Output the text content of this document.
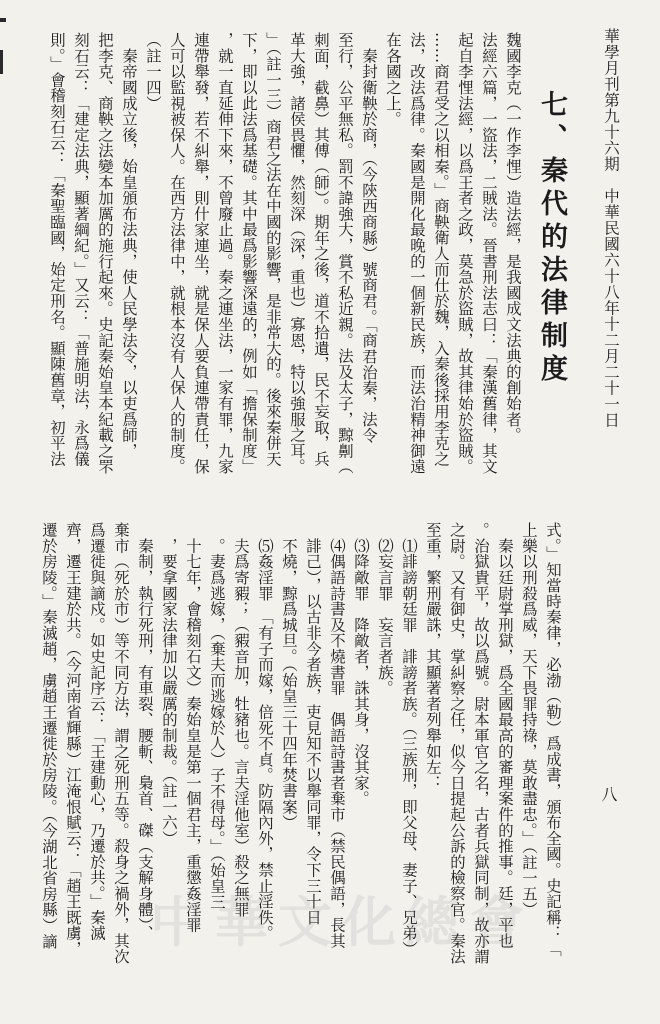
華學月刊第九十六期　中華民國六十八年十二月二十一日
七、秦代的法律制度
八
魏國李克（一作李悝）造法經，是我國成文法典的創始者。
法經六篇，一盜法，二賊法。晉書刑法志曰：「秦漢舊律，其文
起自李悝法經，以爲王者之政，莫急於盜賊，故其律始於盜賊。
……商君受之以相秦。」商鞅衛人而仕於魏，入秦後採用李克之
法，改法爲律。秦國是開化最晚的一個新民族，而法治精神御遠
在各國之上。
　秦封衛鞅於商，（今陝西商縣）號商君。「商君治秦，法令
至行，公平無私。罰不諱強大，賞不私近親。法及太子，黥劓（
刺面，截鼻）其傅（師）。期年之後，道不拾遺，民不妄取，兵
革大強，諸侯畏懼，然刻深（深，重也）寡恩，特以強服之耳。
」（註一三）商君之法在中國的影響，是非常大的。後來秦併天
下，即以此法爲基礎。其中最爲影響深遠的，例如「擔保制度」
，就一直延伸下來，不曾廢止過。秦之連坐法，一家有罪，九家
連帶舉發，若不糾舉，則什家連坐，就是保人要負連帶責任，保
人可以監視被保人。在西方法律中，就根本沒有人保人的制度。
（註一四）
　秦帝國成立後，始皇頒布法典，使人民學法令，以吏爲師，
把李克、商鞅之法變本加厲的施行起來。史記秦始皇本紀載之罘
刻石云：「建定法典，顯著綱紀。」又云：「普施明法，永爲儀
則。」會稽刻石云：「秦聖臨國，始定刑名。顯陳舊章，初平法
式。」知當時秦律，必渤（勒）爲成書，頒布全國。史記稱：「
上樂以刑殺爲威，天下畏罪持祿，莫敢盡忠。」（註一五）
　秦以廷尉掌刑獄，爲全國最高的審理案件的推事。廷，平也
。治獄貴平，故以爲號。尉本軍官之名，古者兵獄同制，故亦謂
之尉。又有御史，掌糾察之任，似今日提起公訴的檢察官。秦法
至重，繁刑嚴誅，其顯著者列舉如左：
　⑴誹謗朝廷罪　誹謗者族。（三族刑，即父母、妻子、兄弟）
　⑵妄言罪　妄言者族。
　⑶降敵罪　降敵者，誅其身，沒其家。
　⑷偶語詩書及不燒書罪　偶語詩書者棄市（禁民偶語，長其
　誹己），以古非今者族，吏見知不以舉同罪，令下三十日
　不燒，黥爲城旦。（始皇三十四年焚書案）
　⑸姦淫罪　「有子而嫁，倍死不貞。防隔內外，禁止淫佚。
　夫爲寄豭；（豭音加，牡豬也。言夫淫他室）殺之無罪
　。妻爲逃嫁，（棄夫而逃嫁於人）子不得母。」（始皇三
　十七年，會稽刻石文）秦始皇是第一個君主，重懲姦淫罪
　，要拿國家法律加以嚴厲的制裁。（註一六）
　秦制，執行死刑，有車裂、腰斬、梟首、磔（支解身體）、
棄市（死於市）等不同方法，謂之死刑五等。殺身之禍外，其次
爲遷徙與謫戍。如史記序云：「王建動心，乃遷於共。」秦滅
齊，遷王建於共。（今河南省輝縣）江淹恨賦云：「趙王既虜，
遷於房陵。」秦滅趙，虜趙王遷徙於房陵。（今湖北省房縣）謫 中華文化總會
